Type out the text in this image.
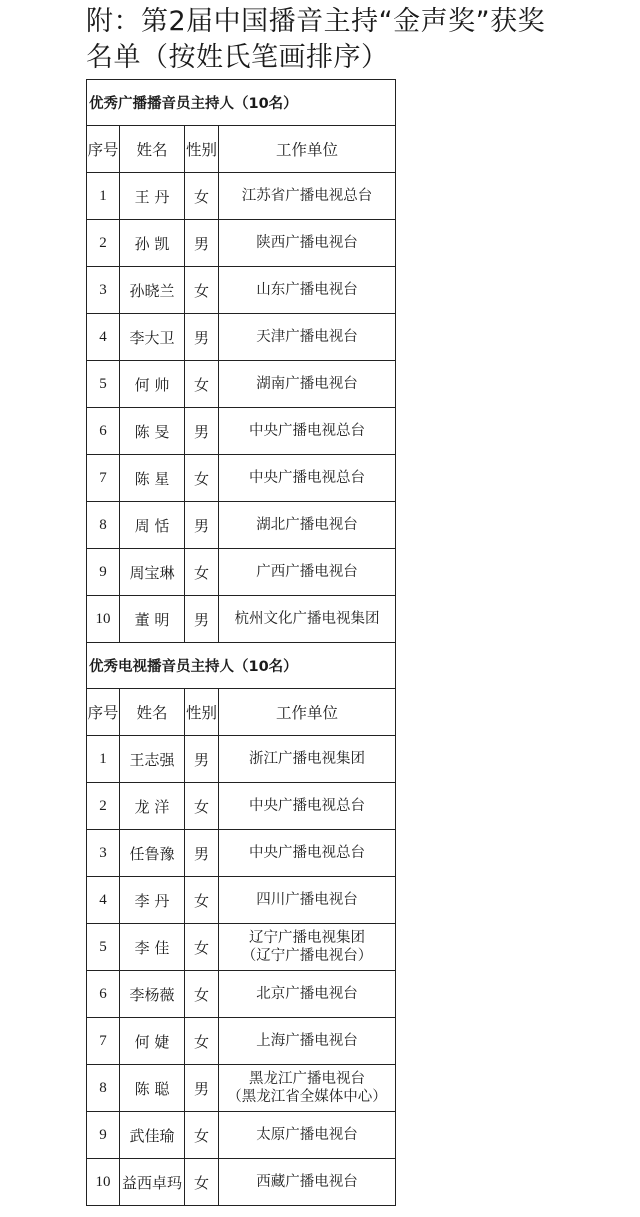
附：第2届中国播音主持“金声奖”获奖
名单（按姓氏笔画排序）
优秀广播播音员主持人（10名）			
序号	姓名	性别	工作单位
1	王 丹	女	江苏省广播电视总台

2	孙 凯	男	陕西广播电视台

3	孙晓兰	女	山东广播电视台

4	李大卫	男	天津广播电视台

5	何 帅	女	湖南广播电视台

6	陈 旻	男	中央广播电视总台

7	陈 星	女	中央广播电视总台

8	周 恬	男	湖北广播电视台

9	周宝琳	女	广西广播电视台

10	董 明	男	杭州文化广播电视集团

优秀电视播音员主持人（10名）			
序号	姓名	性别	工作单位
1	王志强	男	浙江广播电视集团

2	龙 洋	女	中央广播电视总台

3	任鲁豫	男	中央广播电视总台

4	李 丹	女	四川广播电视台

5	李 佳	女	辽宁广播电视集团
（辽宁广播电视台）

6	李杨薇	女	北京广播电视台

7	何 婕	女	上海广播电视台

8	陈 聪	男	黑龙江广播电视台
（黑龙江省全媒体中心）

9	武佳瑜	女	太原广播电视台

10	益西卓玛	女	西藏广播电视台
